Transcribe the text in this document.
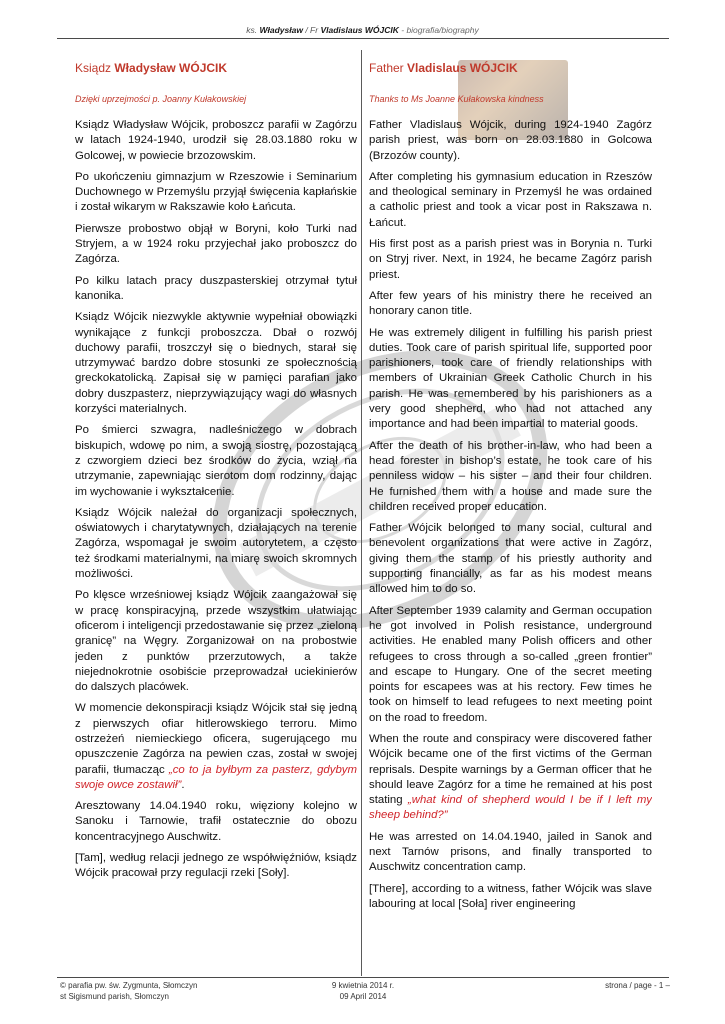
ks. Władysław / Fr Vladislaus WÓJCIK - biografia/biography
Ksiądz Władysław WÓJCIK
Dzięki uprzejmości p. Joanny Kułakowskiej

Ksiądz Władysław Wójcik, proboszcz parafii w Zagórzu w latach 1924-1940, urodził się 28.03.1880 roku w Golcowej, w powiecie brzozowskim.

Po ukończeniu gimnazjum w Rzeszowie i Seminarium Duchownego w Przemyślu przyjął święcenia kapłańskie i został wikarym w Rakszawie koło Łańcuta.

Pierwsze probostwo objął w Boryni, koło Turki nad Stryjem, a w 1924 roku przyjechał jako proboszcz do Zagórza.

Po kilku latach pracy duszpasterskiej otrzymał tytuł kanonika.

Ksiądz Wójcik niezwykle aktywnie wypełniał obowiązki wynikające z funkcji proboszcza. Dbał o rozwój duchowy parafii, troszczył się o biednych, starał się utrzymywać bardzo dobre stosunki ze społecznością greckokatolicką. Zapisał się w pamięci parafian jako dobry duszpasterz, nieprzywiązujący wagi do własnych korzyści materialnych.

Po śmierci szwagra, nadleśniczego w dobrach biskupich, wdowę po nim, a swoją siostrę, pozostającą z czworgiem dzieci bez środków do życia, wziął na utrzymanie, zapewniając sierotom dom rodzinny, dając im wychowanie i wykształcenie.

Ksiądz Wójcik należał do organizacji społecznych, oświatowych i charytatywnych, działających na terenie Zagórza, wspomagał je swoim autorytetem, a często też środkami materialnymi, na miarę swoich skromnych możliwości.

Po klęsce wrześniowej ksiądz Wójcik zaangażował się w pracę konspiracyjną, przede wszystkim ułatwiając oficerom i inteligencji przedostawanie się przez „zieloną granicę” na Węgry. Zorganizował on na probostwie jeden z punktów przerzutowych, a także niejednokrotnie osobiście przeprowadzał uciekinierów do dalszych placówek.

W momencie dekonspiracji ksiądz Wójcik stał się jedną z pierwszych ofiar hitlerowskiego terroru. Mimo ostrzeżeń niemieckiego oficera, sugerującego mu opuszczenie Zagórza na pewien czas, został w swojej parafii, tłumacząc „co to ja byłbym za pasterz, gdybym swoje owce zostawił”.

Aresztowany 14.04.1940 roku, więziony kolejno w Sanoku i Tarnowie, trafił ostatecznie do obozu koncentracyjnego Auschwitz.

[Tam], według relacji jednego ze współwięźniów, ksiądz Wójcik pracował przy regulacji rzeki [Soły].

Father Vladislaus WÓJCIK
Thanks to Ms Joanne Kułakowska kindness

Father Vladislaus Wójcik, during 1924-1940 Zagórz parish priest, was born on 28.03.1880 in Golcowa (Brzozów county).

After completing his gymnasium education in Rzeszów and theological seminary in Przemyśl he was ordained a catholic priest and took a vicar post in Rakszawa n. Łańcut.

His first post as a parish priest was in Borynia n. Turki on Stryj river. Next, in 1924, he became Zagórz parish priest.

After few years of his ministry there he received an honorary canon title.

He was extremely diligent in fulfilling his parish priest duties. Took care of parish spiritual life, supported poor parishioners, took care of friendly relationships with members of Ukrainian Greek Catholic Church in his parish. He was remembered by his parishioners as a very good shepherd, who had not attached any importance and had been impartial to material goods.

After the death of his brother-in-law, who had been a head forester in bishop’s estate, he took care of his penniless widow – his sister – and their four children. He furnished them with a house and made sure the children received proper education.

Father Wójcik belonged to many social, cultural and benevolent organizations that were active in Zagórz, giving them the stamp of his priestly authority and supporting financially, as far as his modest means allowed him to do so.

After September 1939 calamity and German occupation he got involved in Polish resistance, underground activities. He enabled many Polish officers and other refugees to cross through a so-called „green frontier” and escape to Hungary. One of the secret meeting points for escapees was at his rectory. Few times he took on himself to lead refugees to next meeting point on the road to freedom.

When the route and conspiracy were discovered father Wójcik became one of the first victims of the German reprisals. Despite warnings by a German officer that he should leave Zagórz for a time he remained at his post stating „what kind of shepherd would I be if I left my sheep behind?”

He was arrested on 14.04.1940, jailed in Sanok and next Tarnów prisons, and finally transported to Auschwitz concentration camp.

[There], according to a witness, father Wójcik was slave labouring at local [Soła] river engineering

© parafia pw. św. Zygmunta, Słomczyn
st Sigismund parish, Słomczyn
9 kwietnia 2014 r.
09 April 2014
strona / page - 1 –
